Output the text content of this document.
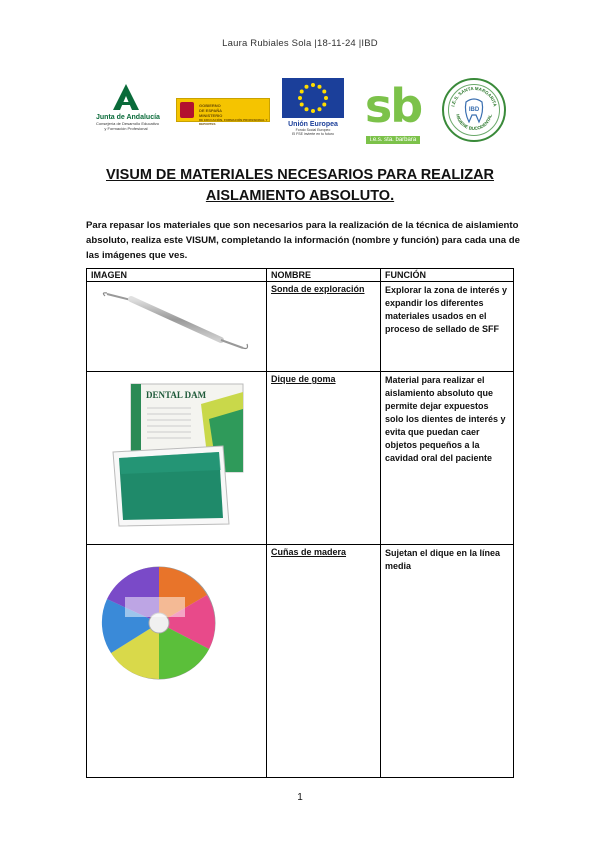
Laura Rubiales Sola |18-11-24 |IBD
Junta de Andalucía
Consejería de Desarrollo Educativo
y Formación Profesional
GOBIERNO
DE ESPAÑA
MINISTERIO
DE EDUCACIÓN, FORMACIÓN PROFESIONAL Y DEPORTES	Unión Europea
Fondo Social Europeo
El FSE invierte en tu futuro
sb
i.e.s. sta. barbara
I.E.S. SANTA MARGARITA
HIGIENE BUCODENTAL
IBD
VISUM DE MATERIALES NECESARIOS PARA REALIZAR
AISLAMIENTO ABSOLUTO.
Para repasar los materiales que son necesarios para la realización de la técnica de aislamiento absoluto, realiza este VISUM, completando la información (nombre y función) para cada una de las imágenes que ves.
IMAGEN	NOMBRE	FUNCIÓN
	Sonda de exploración	Explorar la zona de interés y expandir los diferentes materiales usados en el proceso de sellado de SFF

DENTAL DAM	Dique de goma	Material para realizar el aislamiento absoluto que permite dejar expuestos solo los dientes de interés y evita que puedan caer objetos pequeños a la cavidad oral del paciente
	Cuñas de madera	Sujetan el dique en la línea media
1
